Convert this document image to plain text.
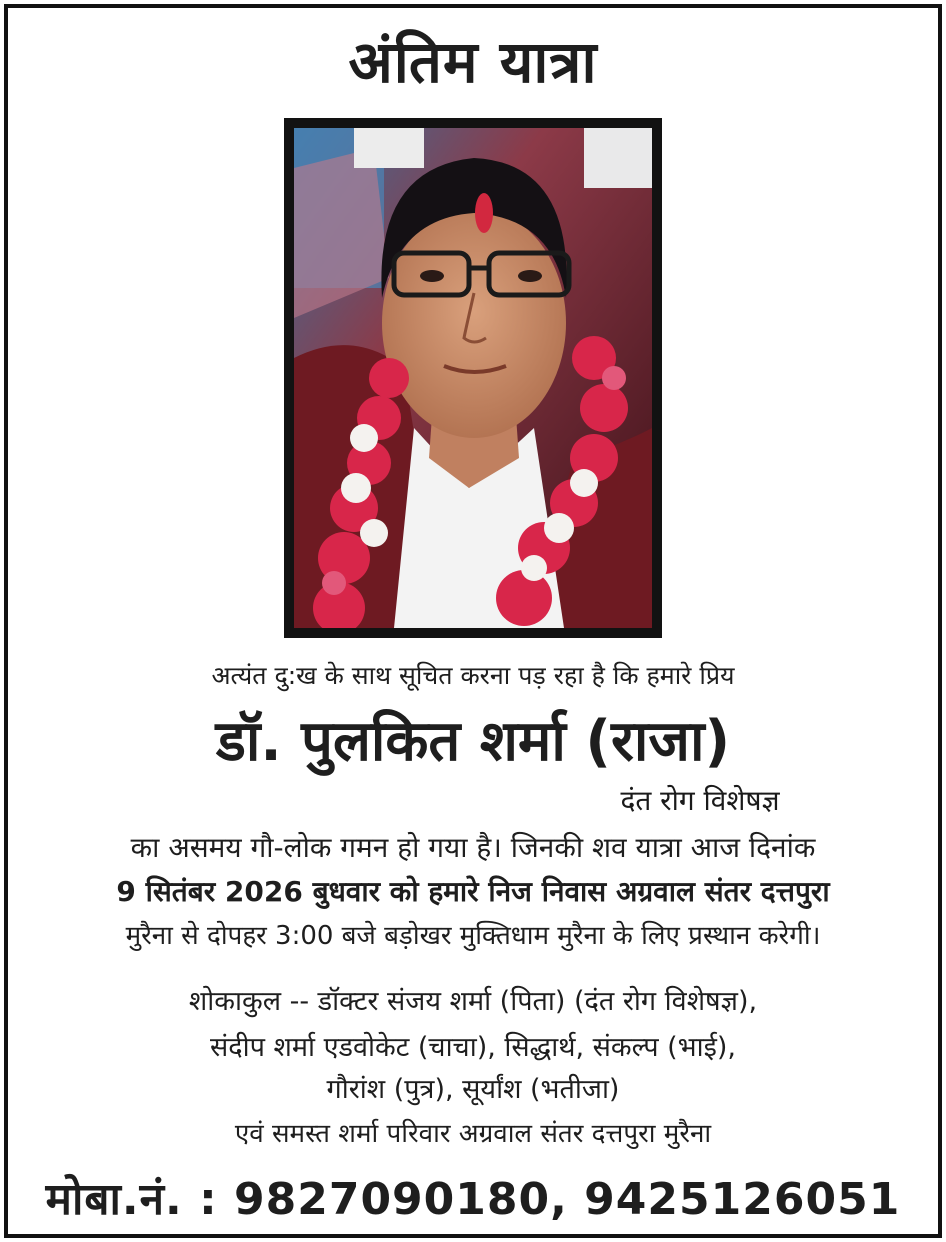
अंतिम यात्रा
अत्यंत दु:ख के साथ सूचित करना पड़ रहा है कि हमारे प्रिय
डॉ. पुलकित शर्मा (राजा)
दंत रोग विशेषज्ञ
का असमय गौ-लोक गमन हो गया है। जिनकी शव यात्रा आज दिनांक
9 सितंबर 2026 बुधवार को हमारे निज निवास अग्रवाल संतर दत्तपुरा
मुरैना से दोपहर 3:00 बजे बड़ोखर मुक्तिधाम मुरैना के लिए प्रस्थान करेगी।
शोकाकुल -- डॉक्टर संजय शर्मा (पिता) (दंत रोग विशेषज्ञ),
संदीप शर्मा एडवोकेट (चाचा), सिद्धार्थ, संकल्प (भाई),
गौरांश (पुत्र), सूर्यांश (भतीजा)
एवं समस्त शर्मा परिवार अग्रवाल संतर दत्तपुरा मुरैना
मोबा.नं. : 9827090180, 9425126051
